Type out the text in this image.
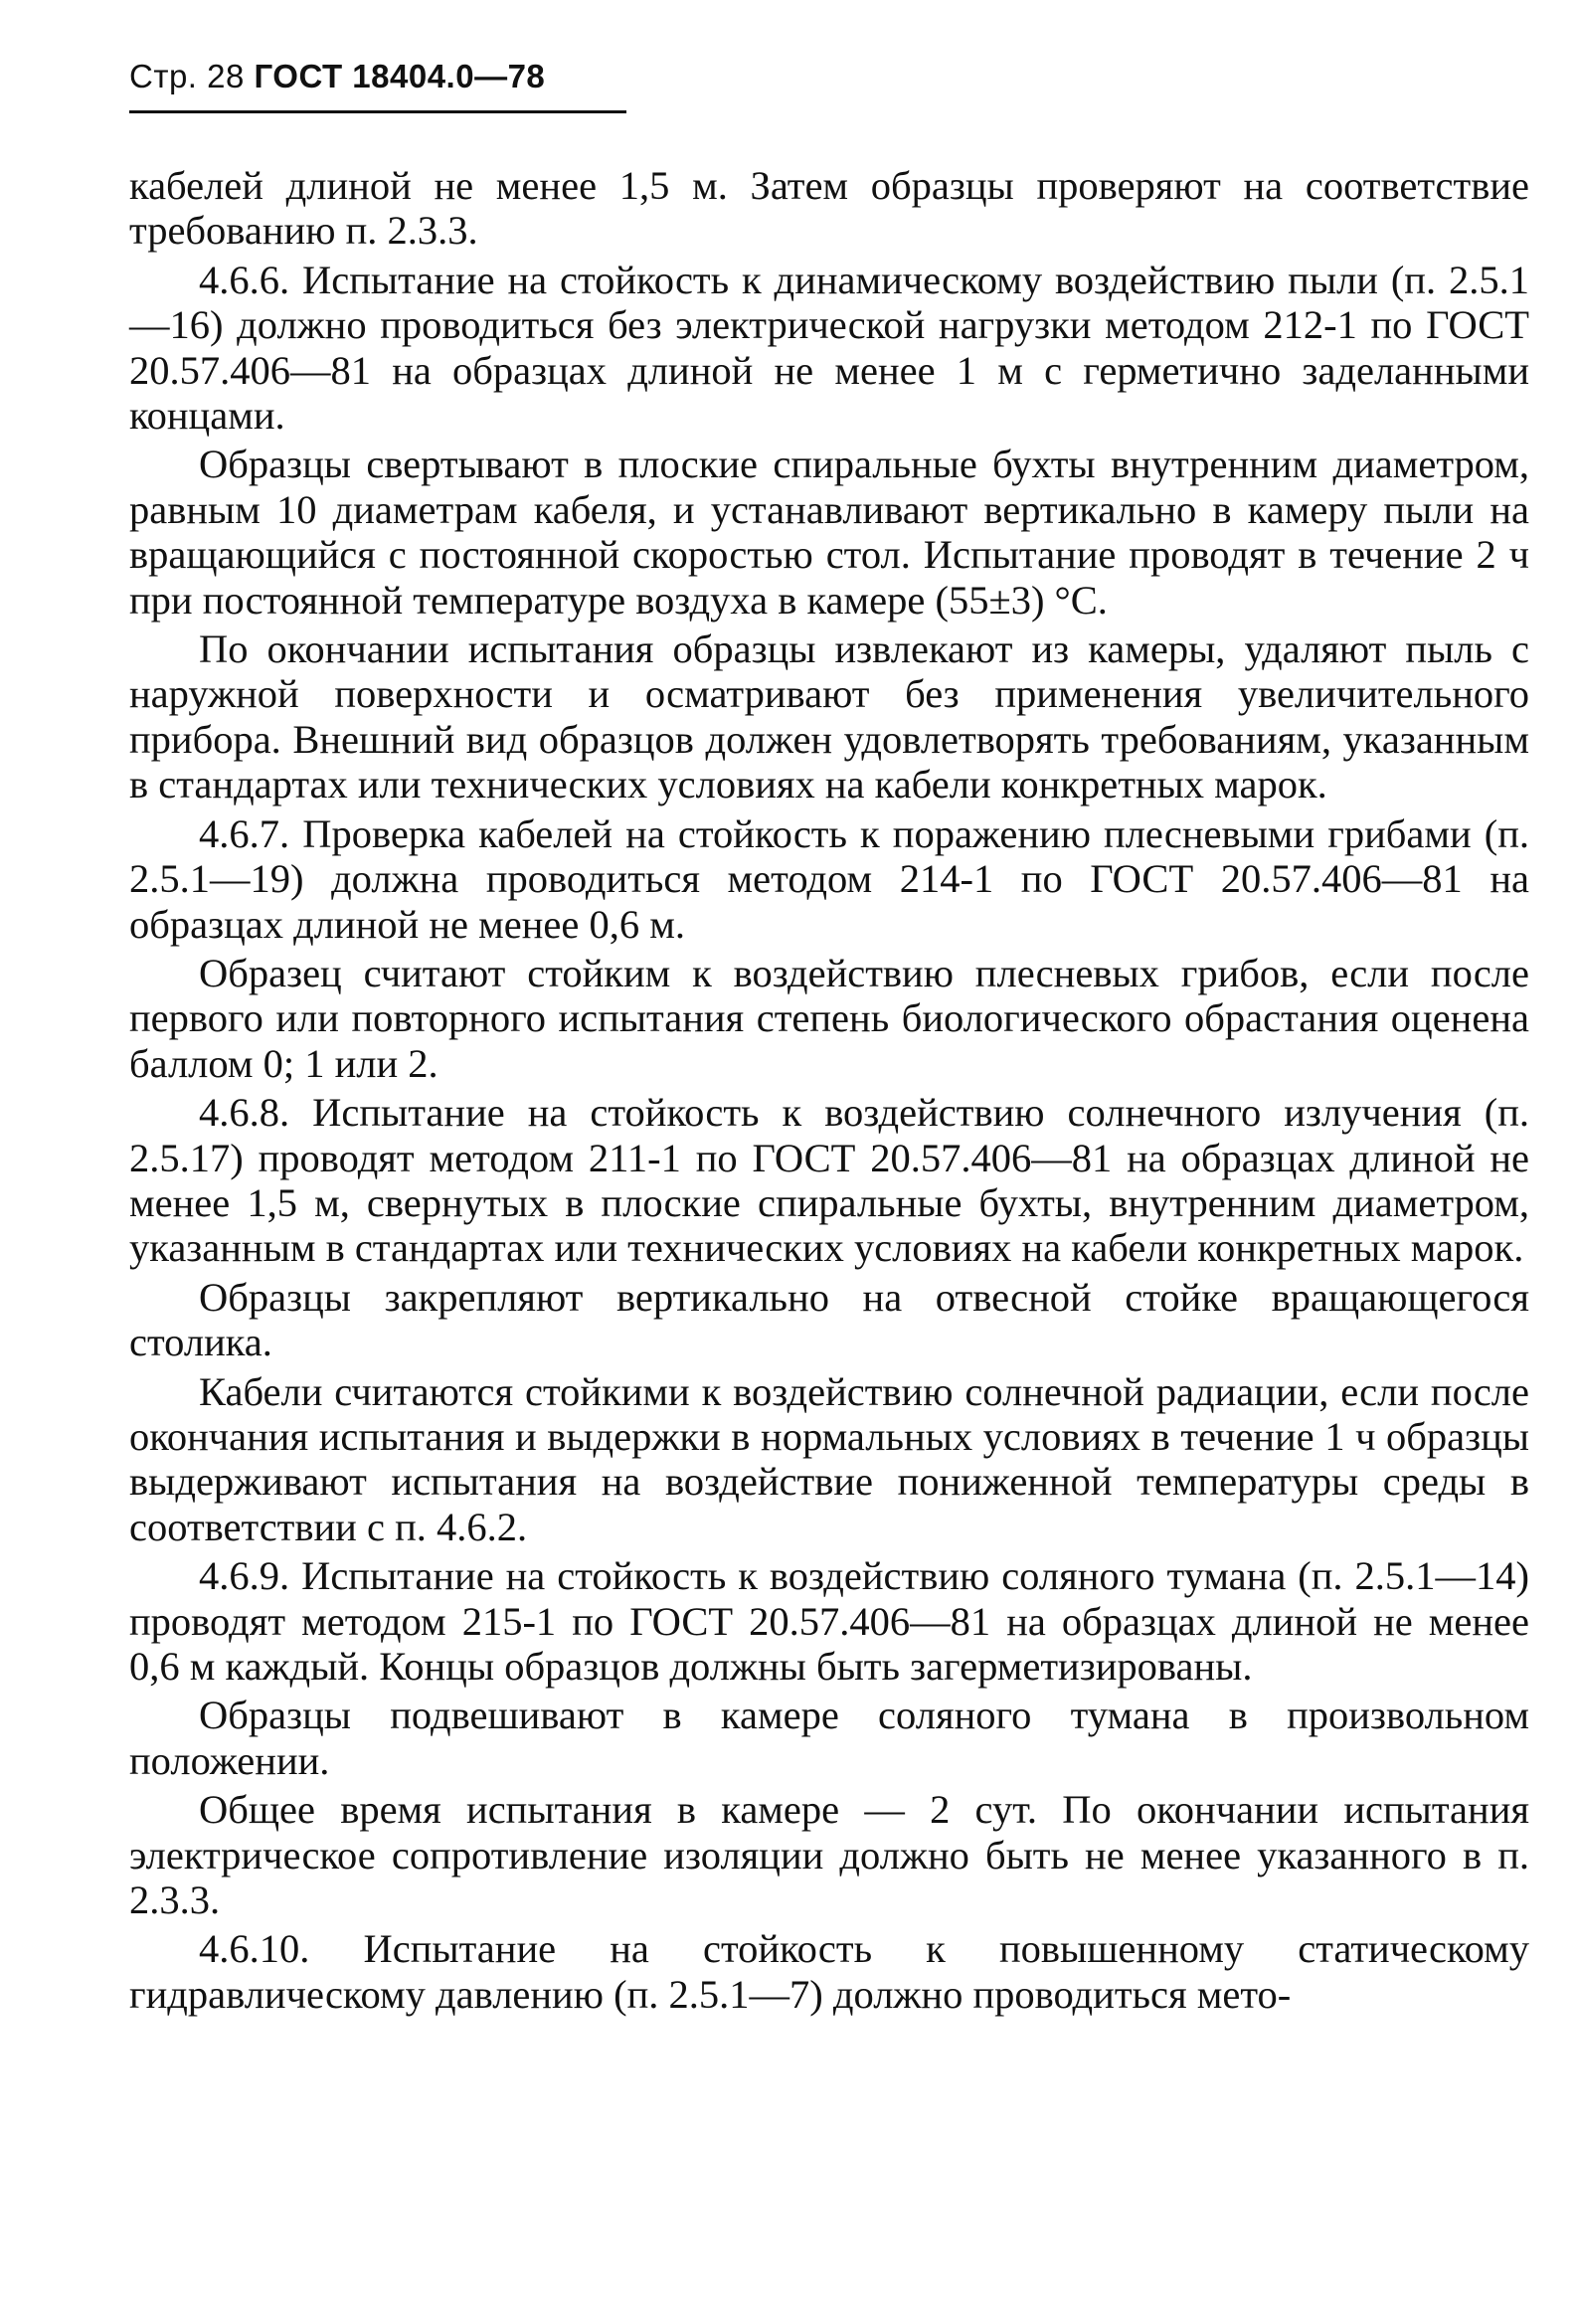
Стр. 28 ГОСТ 18404.0—78

кабелей длиной не менее 1,5 м. Затем образцы проверяют на соответствие требованию п. 2.3.3.

4.6.6. Испытание на стойкость к динамическому воздействию пыли (п. 2.5.1—16) должно проводиться без электрической нагрузки методом 212-1 по ГОСТ 20.57.406—81 на образцах длиной не менее 1 м с герметично заделанными концами.

Образцы свертывают в плоские спиральные бухты внутренним диаметром, равным 10 диаметрам кабеля, и устанавливают вертикально в камеру пыли на вращающийся с постоянной скоростью стол. Испытание проводят в течение 2 ч при постоянной температуре воздуха в камере (55±3) °С.

По окончании испытания образцы извлекают из камеры, удаляют пыль с наружной поверхности и осматривают без применения увеличительного прибора. Внешний вид образцов должен удовлетворять требованиям, указанным в стандартах или технических условиях на кабели конкретных марок.

4.6.7. Проверка кабелей на стойкость к поражению плесневыми грибами (п. 2.5.1—19) должна проводиться методом 214-1 по ГОСТ 20.57.406—81 на образцах длиной не менее 0,6 м.

Образец считают стойким к воздействию плесневых грибов, если после первого или повторного испытания степень биологического обрастания оценена баллом 0; 1 или 2.

4.6.8. Испытание на стойкость к воздействию солнечного излучения (п. 2.5.17) проводят методом 211-1 по ГОСТ 20.57.406—81 на образцах длиной не менее 1,5 м, свернутых в плоские спиральные бухты, внутренним диаметром, указанным в стандартах или технических условиях на кабели конкретных марок.

Образцы закрепляют вертикально на отвесной стойке вращающегося столика.

Кабели считаются стойкими к воздействию солнечной радиации, если после окончания испытания и выдержки в нормальных условиях в течение 1 ч образцы выдерживают испытания на воздействие пониженной температуры среды в соответствии с п. 4.6.2.

4.6.9. Испытание на стойкость к воздействию соляного тумана (п. 2.5.1—14) проводят методом 215-1 по ГОСТ 20.57.406—81 на образцах длиной не менее 0,6 м каждый. Концы образцов должны быть загерметизированы.

Образцы подвешивают в камере соляного тумана в произвольном положении.

Общее время испытания в камере — 2 сут. По окончании испытания электрическое сопротивление изоляции должно быть не менее указанного в п. 2.3.3.

4.6.10. Испытание на стойкость к повышенному статическому гидравлическому давлению (п. 2.5.1—7) должно проводиться мето-
